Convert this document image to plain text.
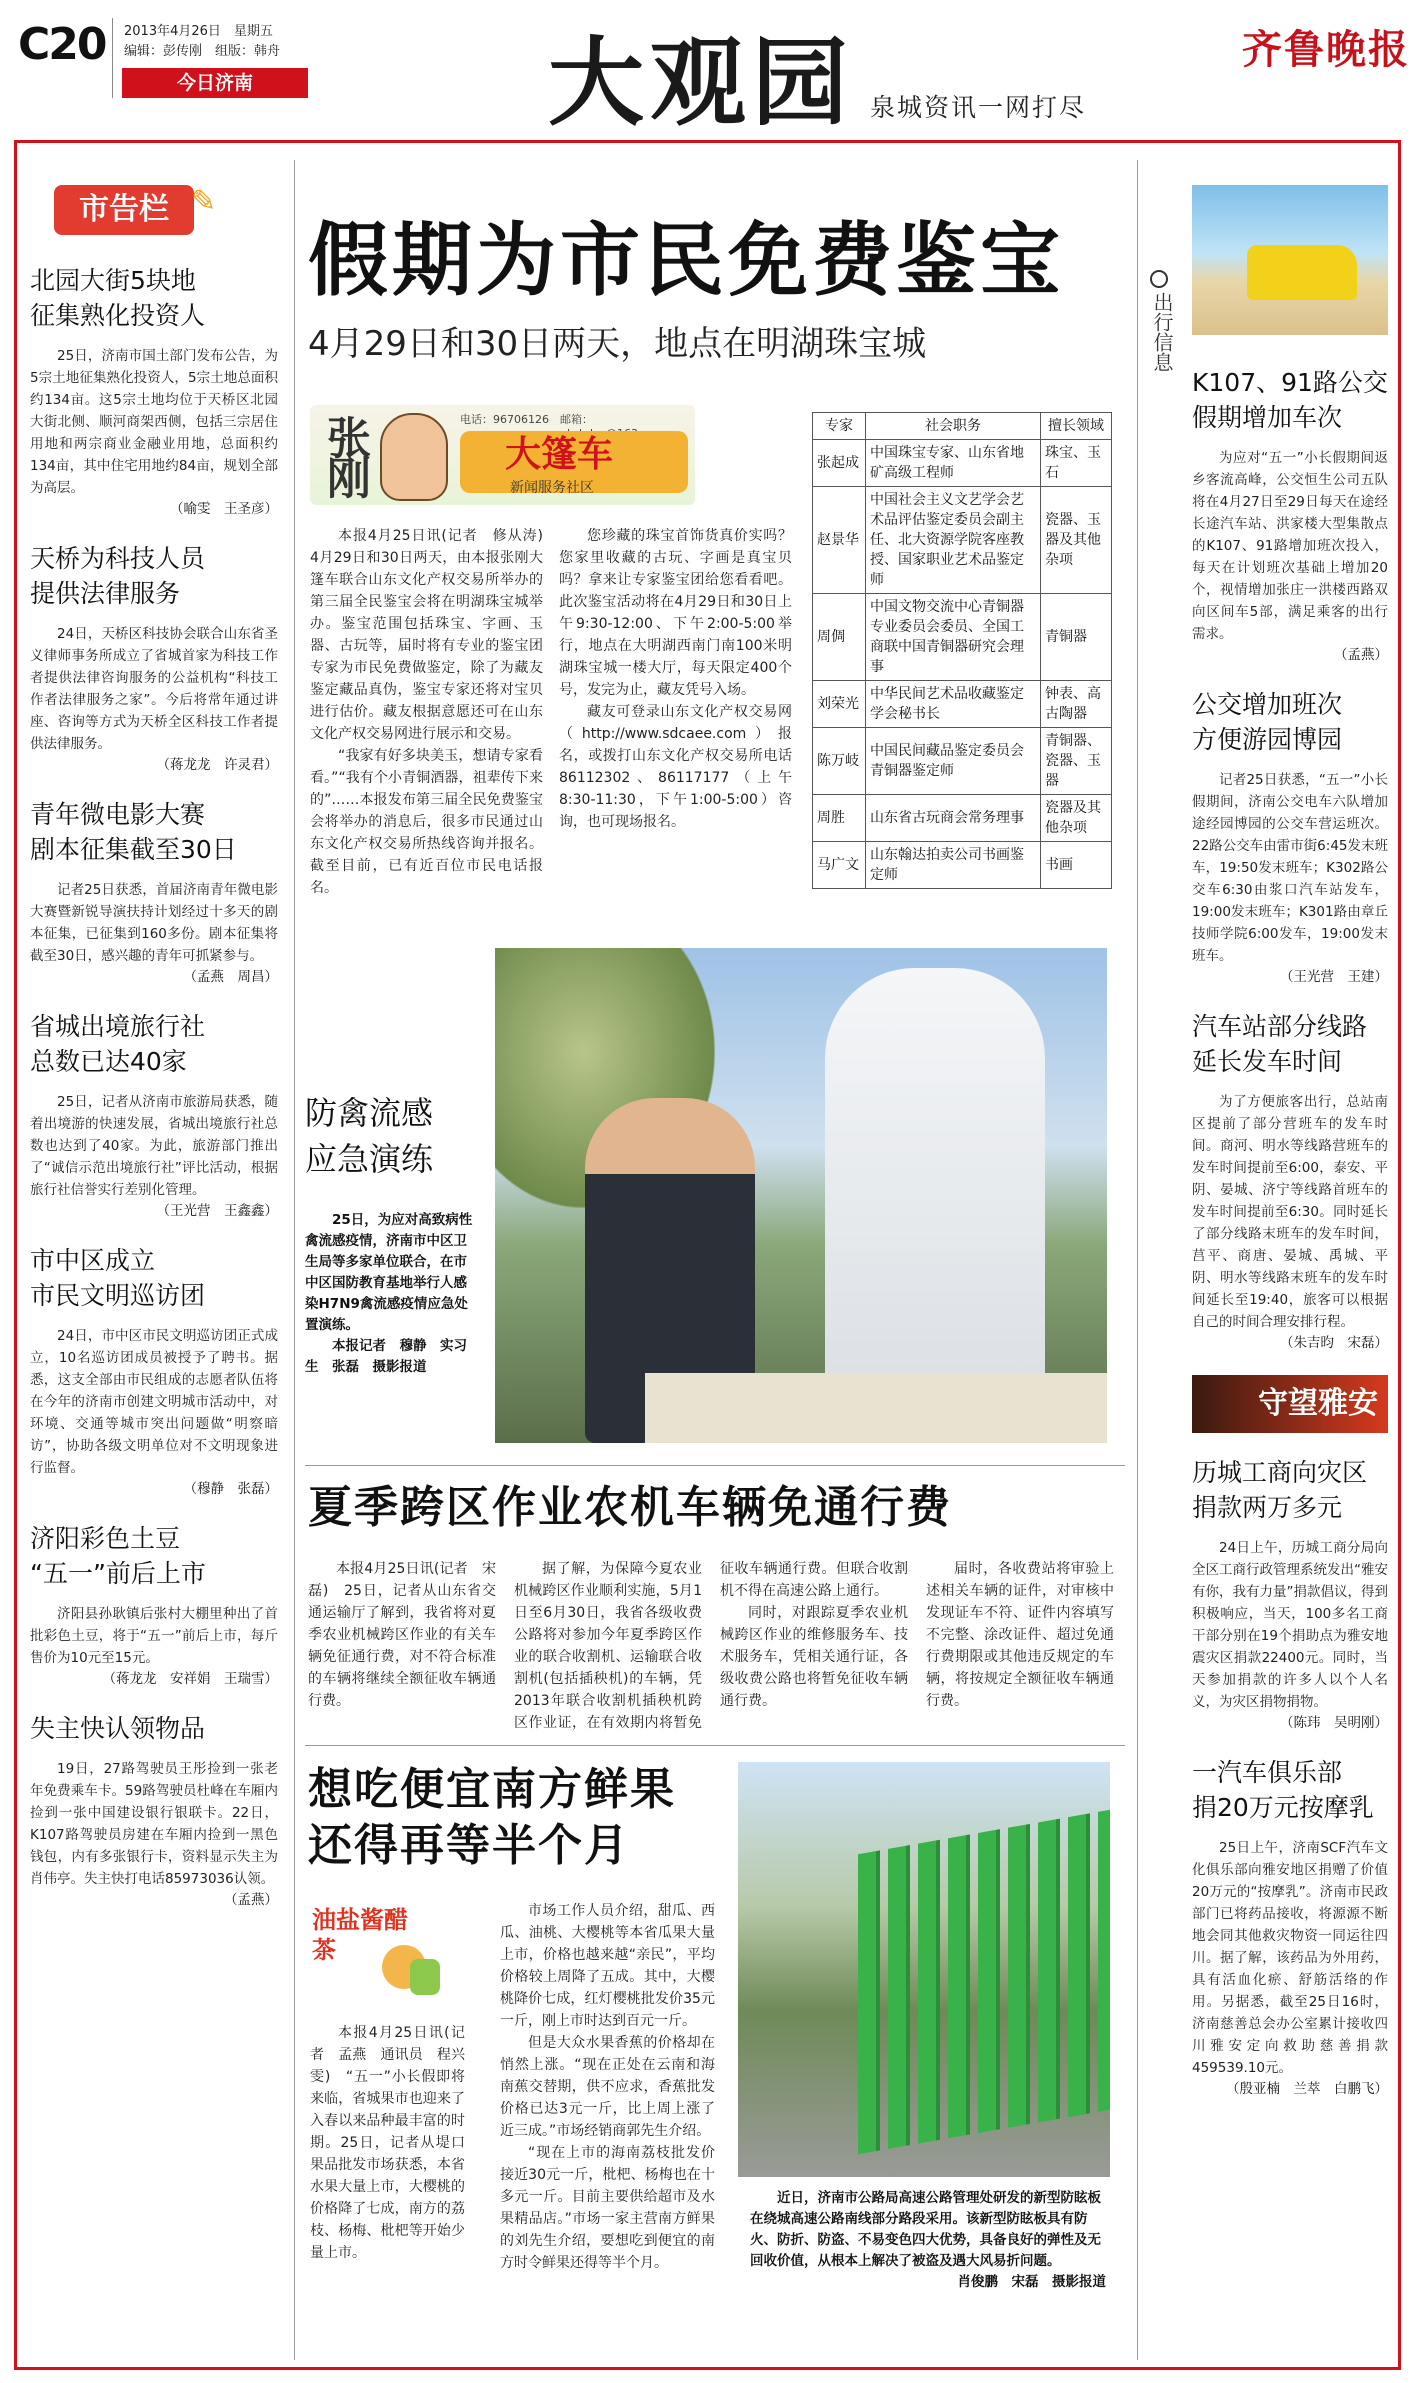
C20 2013年4月26日　星期五
编辑：彭传刚　组版：韩舟
今日济南	大观园 泉城资讯一网打尽
齐鲁晚报
市告栏 ✎
北园大街5块地
征集熟化投资人
25日，济南市国土部门发布公告，为5宗土地征集熟化投资人，5宗土地总面积约134亩。这5宗土地均位于天桥区北园大街北侧、顺河商架西侧，包括三宗居住用地和两宗商业金融业用地，总面积约134亩，其中住宅用地约84亩，规划全部为高层。
（喻雯　王圣彦）
天桥为科技人员
提供法律服务
24日，天桥区科技协会联合山东省圣义律师事务所成立了省城首家为科技工作者提供法律咨询服务的公益机构“科技工作者法律服务之家”。今后将常年通过讲座、咨询等方式为天桥全区科技工作者提供法律服务。
（蒋龙龙　许灵君）
青年微电影大赛
剧本征集截至30日
记者25日获悉，首届济南青年微电影大赛暨新锐导演扶持计划经过十多天的剧本征集，已征集到160多份。剧本征集将截至30日，感兴趣的青年可抓紧参与。
（孟燕　周昌）
省城出境旅行社
总数已达40家
25日，记者从济南市旅游局获悉，随着出境游的快速发展，省城出境旅行社总数也达到了40家。为此，旅游部门推出了“诚信示范出境旅行社”评比活动，根据旅行社信誉实行差别化管理。
（王光营　王鑫鑫）
市中区成立
市民文明巡访团
24日，市中区市民文明巡访团正式成立，10名巡访团成员被授予了聘书。据悉，这支全部由市民组成的志愿者队伍将在今年的济南市创建文明城市活动中，对环境、交通等城市突出问题做“明察暗访”，协助各级文明单位对不文明现象进行监督。
（穆静　张磊）
济阳彩色土豆
“五一”前后上市
济阳县孙耿镇后张村大棚里种出了首批彩色土豆，将于“五一”前后上市，每斤售价为10元至15元。
（蒋龙龙　安祥娟　王瑞雪）
失主快认领物品
19日，27路驾驶员王彤捡到一张老年免费乘车卡。59路驾驶员杜峰在车厢内捡到一张中国建设银行银联卡。22日，K107路驾驶员房建在车厢内捡到一黑色钱包，内有多张银行卡，资料显示失主为肖伟亭。失主快打电话85973036认领。
（孟燕）
假期为市民免费鉴宝
4月29日和30日两天，地点在明湖珠宝城
张刚	电话：96706126 邮箱：
大篷车
新闻服务社区

本报4月25日讯(记者　修从涛)　4月29日和30日两天，由本报张刚大篷车联合山东文化产权交易所举办的第三届全民鉴宝会将在明湖珠宝城举办。鉴宝范围包括珠宝、字画、玉器、古玩等，届时将有专业的鉴宝团专家为市民免费做鉴定，除了为藏友鉴定藏品真伪，鉴宝专家还将对宝贝进行估价。藏友根据意愿还可在山东文化产权交易网进行展示和交易。

“我家有好多块美玉，想请专家看看。”“我有个小青铜酒器，祖辈传下来的”……本报发布第三届全民免费鉴宝会将举办的消息后，很多市民通过山东文化产权交易所热线咨询并报名。截至目前，已有近百位市民电话报名。

您珍藏的珠宝首饰货真价实吗？您家里收藏的古玩、字画是真宝贝吗？拿来让专家鉴宝团给您看看吧。此次鉴宝活动将在4月29日和30日上午9:30-12:00、下午2:00-5:00举行，地点在大明湖西南门南100米明湖珠宝城一楼大厅，每天限定400个号，发完为止，藏友凭号入场。

藏友可登录山东文化产权交易网（http://www.sdcaee.com）报名，或拨打山东文化产权交易所电话86112302、86117177（上午8:30-11:30，下午1:00-5:00）咨询，也可现场报名。

专家	社会职务	擅长领域
张起成	中国珠宝专家、山东省地矿高级工程师	珠宝、玉石
赵景华	中国社会主义文艺学会艺术品评估鉴定委员会副主任、北大资源学院客座教授、国家职业艺术品鉴定师	瓷器、玉器及其他杂项
周倜	中国文物交流中心青铜器专业委员会委员、全国工商联中国青铜器研究会理事	青铜器
刘荣光	中华民间艺术品收藏鉴定学会秘书长	钟表、高古陶器
陈万岐	中国民间藏品鉴定委员会青铜器鉴定师	青铜器、瓷器、玉器
周胜	山东省古玩商会常务理事	瓷器及其他杂项
马广文	山东翰达拍卖公司书画鉴定师	书画
防禽流感
应急演练
25日，为应对高致病性禽流感疫情，济南市中区卫生局等多家单位联合，在市中区国防教育基地举行人感染H7N9禽流感疫情应急处置演练。
本报记者　穆静　实习生　张磊　摄影报道
夏季跨区作业农机车辆免通行费

本报4月25日讯(记者　宋磊)　25日，记者从山东省交通运输厅了解到，我省将对夏季农业机械跨区作业的有关车辆免征通行费，对不符合标准的车辆将继续全额征收车辆通行费。

据了解，为保障今夏农业机械跨区作业顺利实施，5月1日至6月30日，我省各级收费公路将对参加今年夏季跨区作业的联合收割机、运输联合收割机(包括插秧机)的车辆，凭2013年联合收割机插秧机跨区作业证，在有效期内将暂免征收车辆通行费。但联合收割机不得在高速公路上通行。

同时，对跟踪夏季农业机械跨区作业的维修服务车、技术服务车，凭相关通行证，各级收费公路也将暂免征收车辆通行费。

届时，各收费站将审验上述相关车辆的证件，对审核中发现证车不符、证件内容填写不完整、涂改证件、超过免通行费期限或其他违反规定的车辆，将按规定全额征收车辆通行费。

想吃便宜南方鲜果
还得再等半个月
油盐酱醋茶

本报4月25日讯(记者　孟燕　通讯员　程兴雯)　“五一”小长假即将来临，省城果市也迎来了入春以来品种最丰富的时期。25日，记者从堤口果品批发市场获悉，本省水果大量上市，大樱桃的价格降了七成，南方的荔枝、杨梅、枇杷等开始少量上市。

市场工作人员介绍，甜瓜、西瓜、油桃、大樱桃等本省瓜果大量上市，价格也越来越“亲民”，平均价格较上周降了五成。其中，大樱桃降价七成，红灯樱桃批发价35元一斤，刚上市时达到百元一斤。

但是大众水果香蕉的价格却在悄然上涨。“现在正处在云南和海南蕉交替期，供不应求，香蕉批发价格已达3元一斤，比上周上涨了近三成。”市场经销商郭先生介绍。

“现在上市的海南荔枝批发价接近30元一斤，枇杷、杨梅也在十多元一斤。目前主要供给超市及水果精品店。”市场一家主营南方鲜果的刘先生介绍，要想吃到便宜的南方时令鲜果还得等半个月。

近日，济南市公路局高速公路管理处研发的新型防眩板在绕城高速公路南线部分路段采用。该新型防眩板具有防火、防折、防盗、不易变色四大优势，具备良好的弹性及无回收价值，从根本上解决了被盗及遇大风易折问题。
肖俊鹏　宋磊　摄影报道
出行信息
K107、91路公交
假期增加车次
为应对“五一”小长假期间返乡客流高峰，公交恒生公司五队将在4月27日至29日每天在途经长途汽车站、洪家楼大型集散点的K107、91路增加班次投入，每天在计划班次基础上增加20个，视情增加张庄一洪楼西路双向区间车5部，满足乘客的出行需求。
（孟燕）
公交增加班次
方便游园博园
记者25日获悉，“五一”小长假期间，济南公交电车六队增加途经园博园的公交车营运班次。22路公交车由雷市街6:45发末班车，19:50发末班车；K302路公交车6:30由浆口汽车站发车，19:00发末班车；K301路由章丘技师学院6:00发车，19:00发末班车。
（王光营　王建）
汽车站部分线路
延长发车时间
为了方便旅客出行，总站南区提前了部分营班车的发车时间。商河、明水等线路营班车的发车时间提前至6:00，泰安、平阴、晏城、济宁等线路首班车的发车时间提前至6:30。同时延长了部分线路末班车的发车时间，莒平、商唐、晏城、禹城、平阴、明水等线路末班车的发车时间延长至19:40，旅客可以根据自己的时间合理安排行程。
（朱吉昀　宋磊）
守望雅安
历城工商向灾区
捐款两万多元
24日上午，历城工商分局向全区工商行政管理系统发出“雅安有你，我有力量”捐款倡议，得到积极响应，当天，100多名工商干部分别在19个捐助点为雅安地震灾区捐款22400元。同时，当天参加捐款的许多人以个人名义，为灾区捐物捐物。
（陈玮　吴明刚）
一汽车俱乐部
捐20万元按摩乳
25日上午，济南SCF汽车文化俱乐部向雅安地区捐赠了价值20万元的“按摩乳”。济南市民政部门已将药品接收，将源源不断地会同其他救灾物资一同运往四川。据了解，该药品为外用药，具有活血化瘀、舒筋活络的作用。另据悉，截至25日16时，济南慈善总会办公室累计接收四川雅安定向救助慈善捐款459539.10元。
（殷亚楠　兰萃　白鹏飞）
